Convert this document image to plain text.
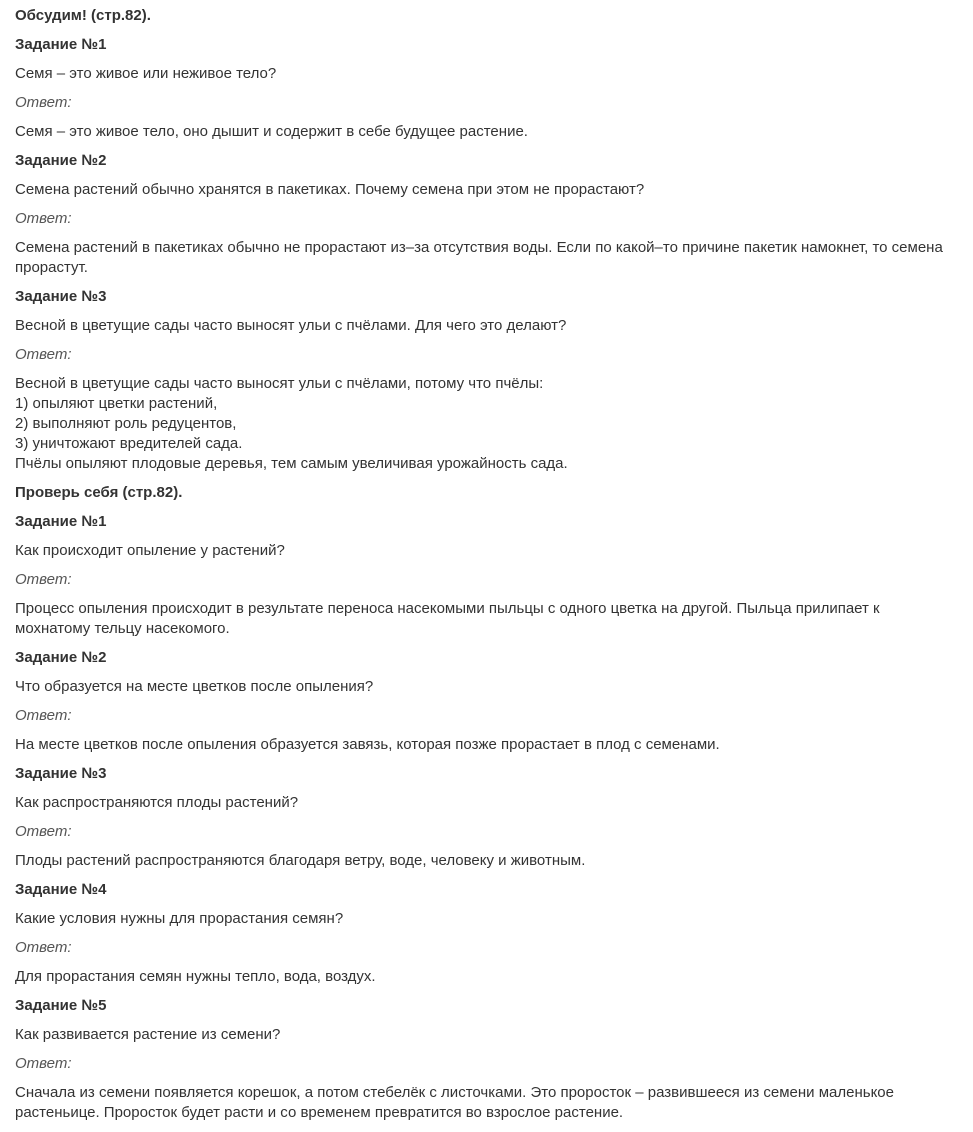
Обсудим! (стр.82).
Задание №1
Семя – это живое или неживое тело?
Ответ:
Семя – это живое тело, оно дышит и содержит в себе будущее растение.
Задание №2
Семена растений обычно хранятся в пакетиках. Почему семена при этом не прорастают?
Ответ:
Семена растений в пакетиках обычно не прорастают из–за отсутствия воды. Если по какой–то причине пакетик намокнет, то семена прорастут.
Задание №3
Весной в цветущие сады часто выносят ульи с пчёлами. Для чего это делают?
Ответ:
Весной в цветущие сады часто выносят ульи с пчёлами, потому что пчёлы:
1) опыляют цветки растений,
2) выполняют роль редуцентов,
3) уничтожают вредителей сада.
Пчёлы опыляют плодовые деревья, тем самым увеличивая урожайность сада.
Проверь себя (стр.82).
Задание №1
Как происходит опыление у растений?
Ответ:
Процесс опыления происходит в результате переноса насекомыми пыльцы с одного цветка на другой. Пыльца прилипает к мохнатому тельцу насекомого.
Задание №2
Что образуется на месте цветков после опыления?
Ответ:
На месте цветков после опыления образуется завязь, которая позже прорастает в плод с семенами.
Задание №3
Как распространяются плоды растений?
Ответ:
Плоды растений распространяются благодаря ветру, воде, человеку и животным.
Задание №4
Какие условия нужны для прорастания семян?
Ответ:
Для прорастания семян нужны тепло, вода, воздух.
Задание №5
Как развивается растение из семени?
Ответ:
Сначала из семени появляется корешок, а потом стебелёк с листочками. Это проросток – развившееся из семени маленькое растеньице. Проросток будет расти и со временем превратится во взрослое растение.
